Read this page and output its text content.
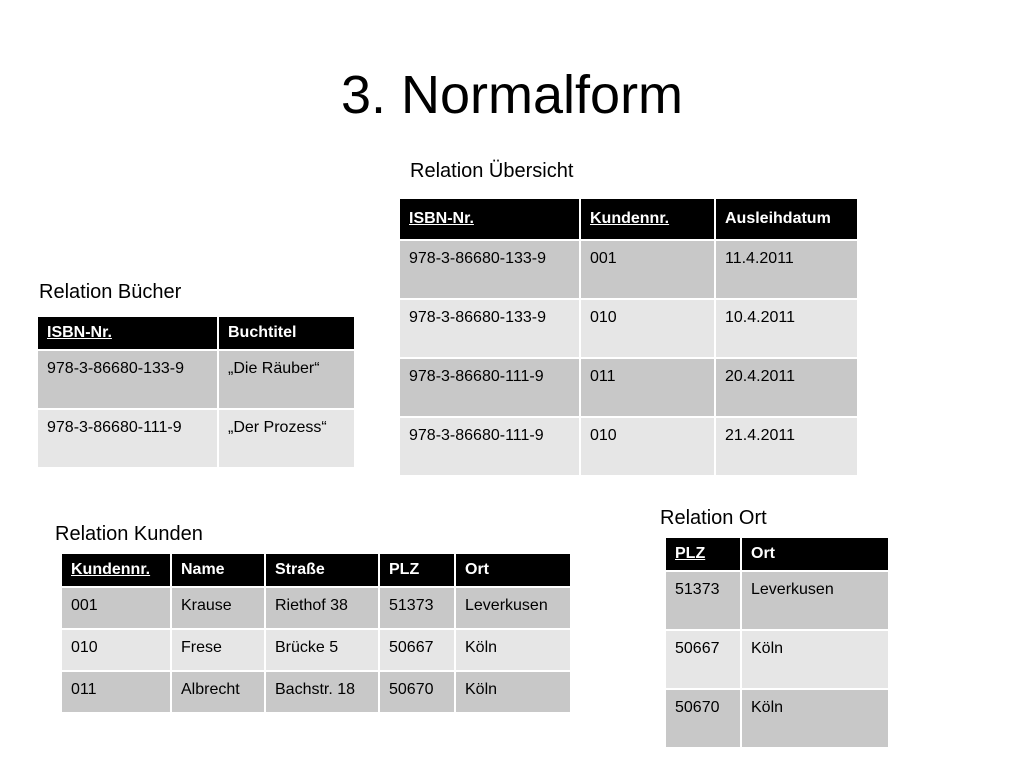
3. Normalform
Relation Übersicht
ISBN-Nr.	Kundennr.	Ausleihdatum
978-3-86680-133-9	001	11.4.2011
978-3-86680-133-9	010	10.4.2011
978-3-86680-111-9	011	20.4.2011
978-3-86680-111-9	010	21.4.2011
Relation Bücher
ISBN-Nr.	Buchtitel
978-3-86680-133-9	„Die Räuber“
978-3-86680-111-9	„Der Prozess“
Relation Kunden
Kundennr.	Name	Straße	PLZ	Ort
001	Krause	Riethof 38	51373	Leverkusen
010	Frese	Brücke 5	50667	Köln
011	Albrecht	Bachstr. 18	50670	Köln
Relation Ort
PLZ	Ort
51373	Leverkusen
50667	Köln
50670	Köln
